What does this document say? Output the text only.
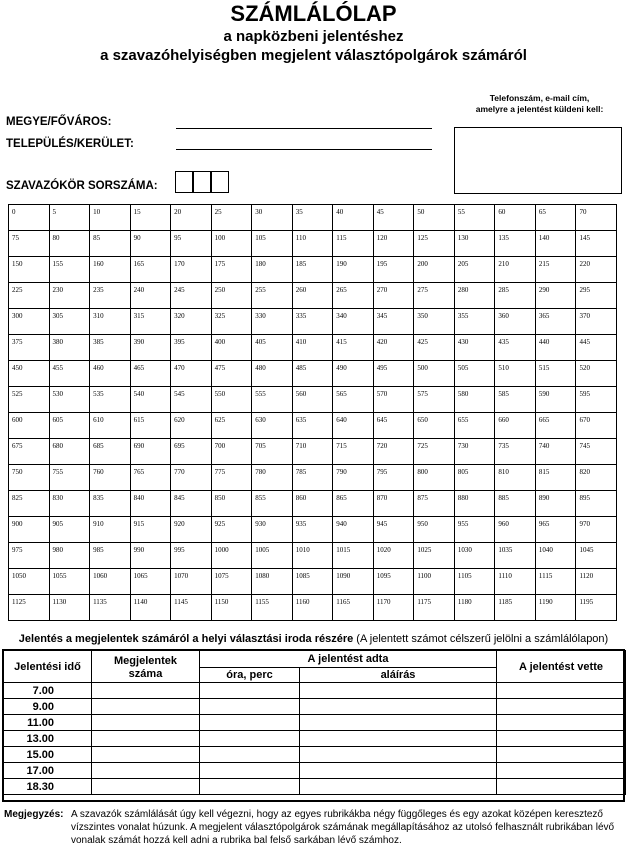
SZÁMLÁLÓLAP
a napközbeni jelentéshez
a szavazóhelyiségben megjelent választópolgárok számáról
MEGYE/FŐVÁROS:
TELEPÜLÉS/KERÜLET:
SZAVAZÓKÖR SORSZÁMA:
Telefonszám, e-mail cím,
amelyre a jelentést küldeni kell:
0	5	10	15	20	25	30	35	40	45	50	55	60	65	70
75	80	85	90	95	100	105	110	115	120	125	130	135	140	145
150	155	160	165	170	175	180	185	190	195	200	205	210	215	220
225	230	235	240	245	250	255	260	265	270	275	280	285	290	295
300	305	310	315	320	325	330	335	340	345	350	355	360	365	370
375	380	385	390	395	400	405	410	415	420	425	430	435	440	445
450	455	460	465	470	475	480	485	490	495	500	505	510	515	520
525	530	535	540	545	550	555	560	565	570	575	580	585	590	595
600	605	610	615	620	625	630	635	640	645	650	655	660	665	670
675	680	685	690	695	700	705	710	715	720	725	730	735	740	745
750	755	760	765	770	775	780	785	790	795	800	805	810	815	820
825	830	835	840	845	850	855	860	865	870	875	880	885	890	895
900	905	910	915	920	925	930	935	940	945	950	955	960	965	970
975	980	985	990	995	1000	1005	1010	1015	1020	1025	1030	1035	1040	1045
1050	1055	1060	1065	1070	1075	1080	1085	1090	1095	1100	1105	1110	1115	1120
1125	1130	1135	1140	1145	1150	1155	1160	1165	1170	1175	1180	1185	1190	1195
Jelentés a megjelentek számáról a helyi választási iroda részére (A jelentett számot célszerű jelölni a számlálólapon)
Jelentési idő	Megjelentek száma	A jelentést adta		A jelentést vette
		óra, perc	aláírás	
7.00				
9.00				
11.00				
13.00				
15.00				
17.00				
18.30				
Megjegyzés: A szavazók számlálását úgy kell végezni, hogy az egyes rubrikákba négy függőleges és egy azokat középen keresztező vízszintes vonalat húzunk. A megjelent választópolgárok számának megállapításához az utolsó felhasznált rubrikában lévő vonalak számát hozzá kell adni a rubrika bal felső sarkában lévő számhoz.
